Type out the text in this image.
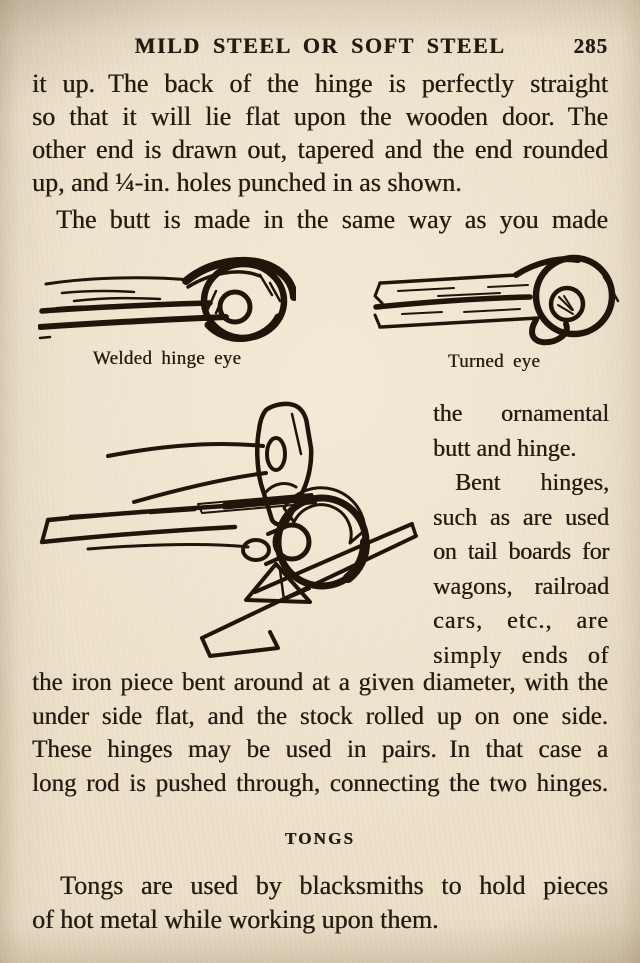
MILD STEEL OR SOFT STEEL	285
it up. The back of the hinge is perfectly straight
so that it will lie flat upon the wooden door. The
other end is drawn out, tapered and the end rounded
up, and ¼-in. holes punched in as shown.
The butt is made in the same way as you made
Welded hinge eye	Turned eye
the ornamental
butt and hinge.
Bent hinges,
such as are used
on tail boards for
wagons, railroad
cars, etc., are
simply ends of
the iron piece bent around at a given diameter, with the
under side flat, and the stock rolled up on one side.
These hinges may be used in pairs. In that case a
long rod is pushed through, connecting the two hinges.
TONGS
Tongs are used by blacksmiths to hold pieces
of hot metal while working upon them.
